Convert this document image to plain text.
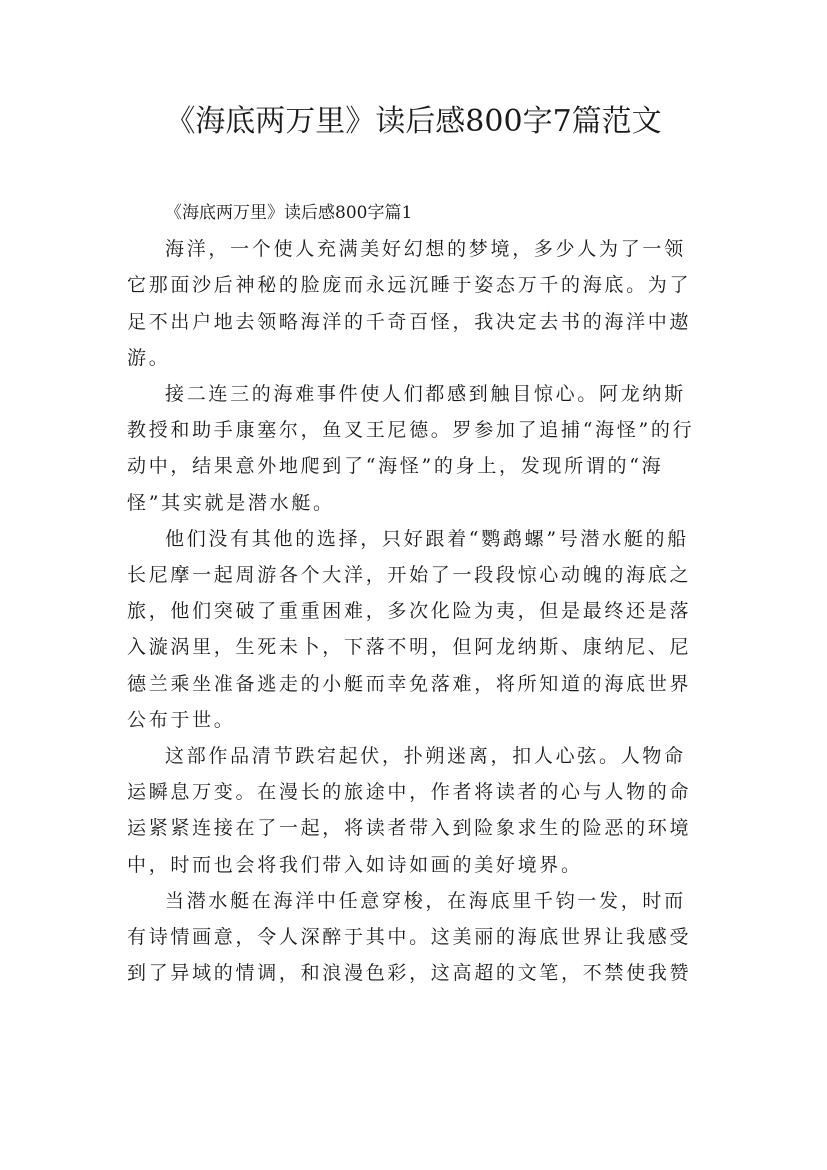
《海底两万里》读后感800字7篇范文

《海底两万里》读后感800字篇1

海洋，一个使人充满美好幻想的梦境，多少人为了一领它那面沙后神秘的脸庞而永远沉睡于姿态万千的海底。为了足不出户地去领略海洋的千奇百怪，我决定去书的海洋中遨游。

接二连三的海难事件使人们都感到触目惊心。阿龙纳斯教授和助手康塞尔，鱼叉王尼德。罗参加了追捕“海怪”的行动中，结果意外地爬到了“海怪”的身上，发现所谓的“海怪”其实就是潜水艇。

他们没有其他的选择，只好跟着“鹦鹉螺”号潜水艇的船长尼摩一起周游各个大洋，开始了一段段惊心动魄的海底之旅，他们突破了重重困难，多次化险为夷，但是最终还是落入漩涡里，生死未卜，下落不明，但阿龙纳斯、康纳尼、尼德兰乘坐准备逃走的小艇而幸免落难，将所知道的海底世界公布于世。

这部作品清节跌宕起伏，扑朔迷离，扣人心弦。人物命运瞬息万变。在漫长的旅途中，作者将读者的心与人物的命运紧紧连接在了一起，将读者带入到险象求生的险恶的环境中，时而也会将我们带入如诗如画的美好境界。

当潜水艇在海洋中任意穿梭，在海底里千钧一发，时而有诗情画意，令人深醉于其中。这美丽的海底世界让我感受到了异域的情调，和浪漫色彩，这高超的文笔，不禁使我赞
